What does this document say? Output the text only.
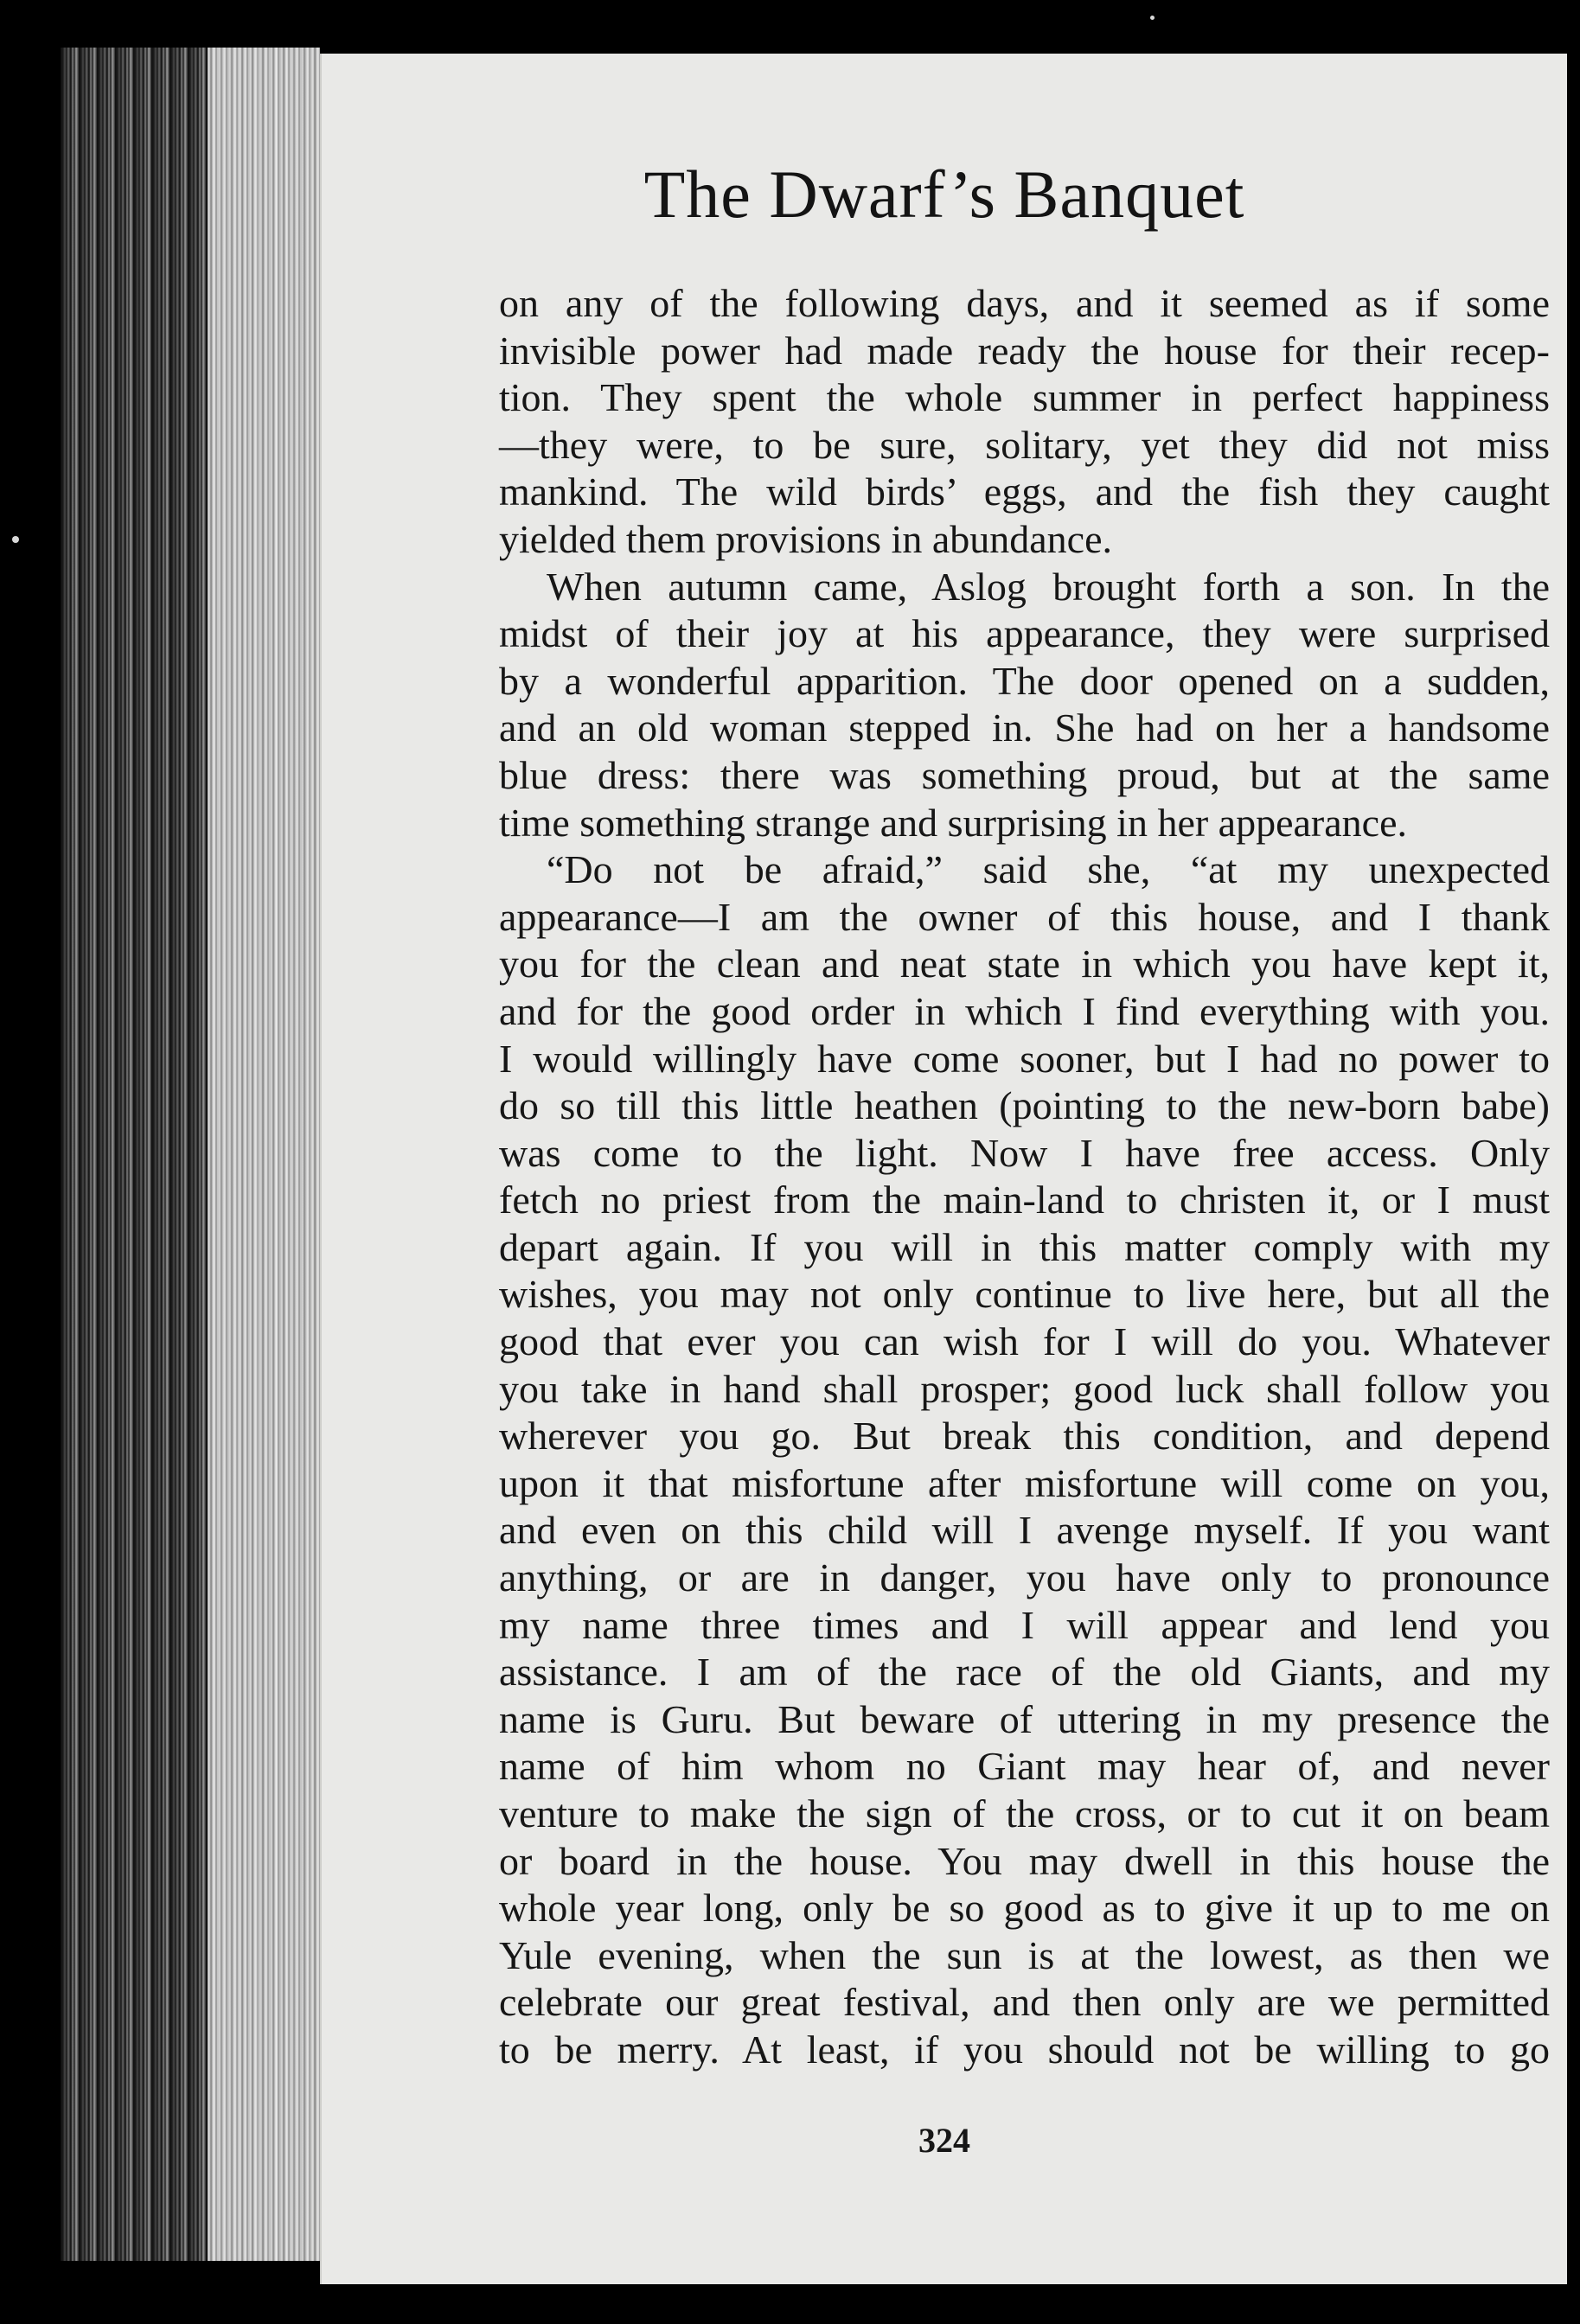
The Dwarf’s Banquet
on any of the following days, and it seemed as if some
invisible power had made ready the house for their recep-
tion. They spent the whole summer in perfect happiness
—they were, to be sure, solitary, yet they did not miss
mankind. The wild birds’ eggs, and the fish they caught
yielded them provisions in abundance.
When autumn came, Aslog brought forth a son. In the
midst of their joy at his appearance, they were surprised
by a wonderful apparition. The door opened on a sudden,
and an old woman stepped in. She had on her a handsome
blue dress: there was something proud, but at the same
time something strange and surprising in her appearance.
“Do not be afraid,” said she, “at my unexpected
appearance—I am the owner of this house, and I thank
you for the clean and neat state in which you have kept it,
and for the good order in which I find everything with you.
I would willingly have come sooner, but I had no power to
do so till this little heathen (pointing to the new-born babe)
was come to the light. Now I have free access. Only
fetch no priest from the main-land to christen it, or I must
depart again. If you will in this matter comply with my
wishes, you may not only continue to live here, but all the
good that ever you can wish for I will do you. Whatever
you take in hand shall prosper; good luck shall follow you
wherever you go. But break this condition, and depend
upon it that misfortune after misfortune will come on you,
and even on this child will I avenge myself. If you want
anything, or are in danger, you have only to pronounce
my name three times and I will appear and lend you
assistance. I am of the race of the old Giants, and my
name is Guru. But beware of uttering in my presence the
name of him whom no Giant may hear of, and never
venture to make the sign of the cross, or to cut it on beam
or board in the house. You may dwell in this house the
whole year long, only be so good as to give it up to me on
Yule evening, when the sun is at the lowest, as then we
celebrate our great festival, and then only are we permitted
to be merry. At least, if you should not be willing to go
324
